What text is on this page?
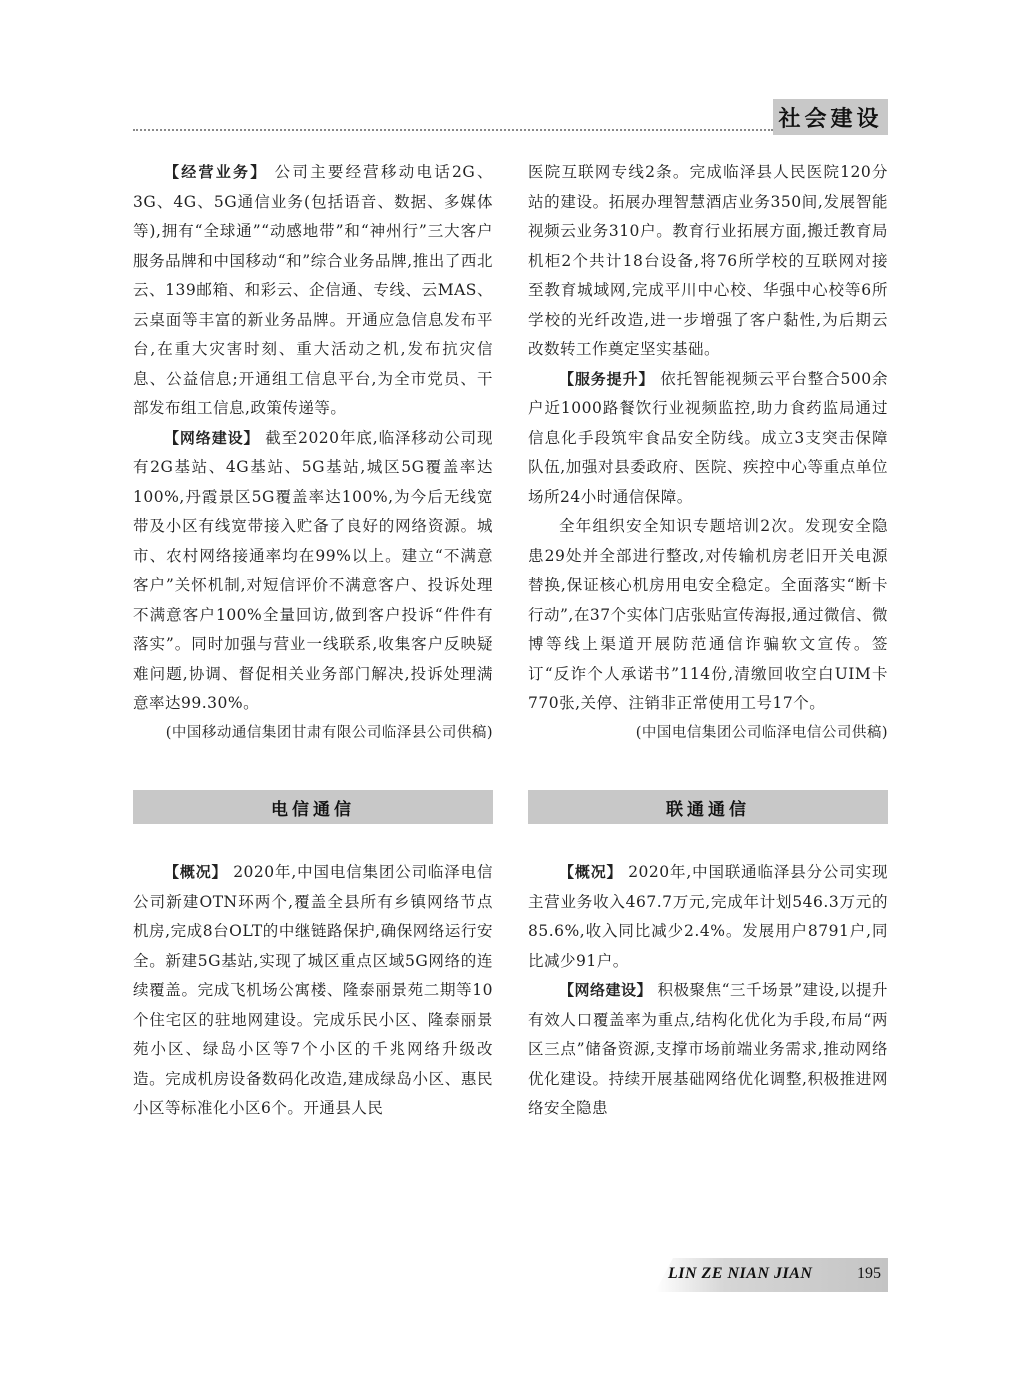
社会建设

【经营业务】 公司主要经营移动电话2G、3G、4G、5G通信业务(包括语音、数据、多媒体等),拥有“全球通”“动感地带”和“神州行”三大客户服务品牌和中国移动“和”综合业务品牌,推出了西北云、139邮箱、和彩云、企信通、专线、云MAS、云桌面等丰富的新业务品牌。开通应急信息发布平台,在重大灾害时刻、重大活动之机,发布抗灾信息、公益信息;开通组工信息平台,为全市党员、干部发布组工信息,政策传递等。

【网络建设】 截至2020年底,临泽移动公司现有2G基站、4G基站、5G基站,城区5G覆盖率达100%,丹霞景区5G覆盖率达100%,为今后无线宽带及小区有线宽带接入贮备了良好的网络资源。城市、农村网络接通率均在99%以上。建立“不满意客户”关怀机制,对短信评价不满意客户、投诉处理不满意客户100%全量回访,做到客户投诉“件件有落实”。同时加强与营业一线联系,收集客户反映疑难问题,协调、督促相关业务部门解决,投诉处理满意率达99.30%。

(中国移动通信集团甘肃有限公司临泽县公司供稿)

电信通信

【概况】 2020年,中国电信集团公司临泽电信公司新建OTN环两个,覆盖全县所有乡镇网络节点机房,完成8台OLT的中继链路保护,确保网络运行安全。新建5G基站,实现了城区重点区域5G网络的连续覆盖。完成飞机场公寓楼、隆泰丽景苑二期等10个住宅区的驻地网建设。完成乐民小区、隆泰丽景苑小区、绿岛小区等7个小区的千兆网络升级改造。完成机房设备数码化改造,建成绿岛小区、惠民小区等标准化小区6个。开通县人民

医院互联网专线2条。完成临泽县人民医院120分站的建设。拓展办理智慧酒店业务350间,发展智能视频云业务310户。教育行业拓展方面,搬迁教育局机柜2个共计18台设备,将76所学校的互联网对接至教育城域网,完成平川中心校、华强中心校等6所学校的光纤改造,进一步增强了客户黏性,为后期云改数转工作奠定坚实基础。

【服务提升】 依托智能视频云平台整合500余户近1000路餐饮行业视频监控,助力食药监局通过信息化手段筑牢食品安全防线。成立3支突击保障队伍,加强对县委政府、医院、疾控中心等重点单位场所24小时通信保障。

全年组织安全知识专题培训2次。发现安全隐患29处并全部进行整改,对传输机房老旧开关电源替换,保证核心机房用电安全稳定。全面落实“断卡行动”,在37个实体门店张贴宣传海报,通过微信、微博等线上渠道开展防范通信诈骗软文宣传。签订“反诈个人承诺书”114份,清缴回收空白UIM卡770张,关停、注销非正常使用工号17个。

(中国电信集团公司临泽电信公司供稿)

联通通信

【概况】 2020年,中国联通临泽县分公司实现主营业务收入467.7万元,完成年计划546.3万元的85.6%,收入同比减少2.4%。发展用户8791户,同比减少91户。

【网络建设】 积极聚焦“三千场景”建设,以提升有效人口覆盖率为重点,结构化优化为手段,布局“两区三点”储备资源,支撑市场前端业务需求,推动网络优化建设。持续开展基础网络优化调整,积极推进网络安全隐患

LIN ZE NIAN JIAN	195
